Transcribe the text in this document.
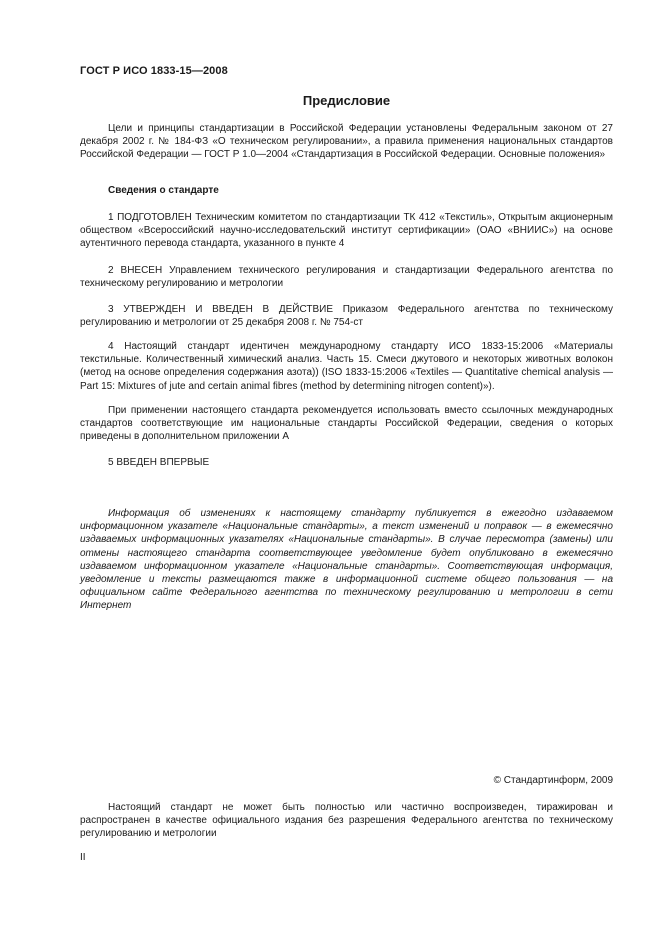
ГОСТ Р ИСО 1833-15—2008
Предисловие
Цели и принципы стандартизации в Российской Федерации установлены Федеральным законом от 27 декабря 2002 г. № 184-ФЗ «О техническом регулировании», а правила применения национальных стандартов Российской Федерации — ГОСТ Р 1.0—2004 «Стандартизация в Российской Федерации. Основные положения»
Сведения о стандарте
1 ПОДГОТОВЛЕН Техническим комитетом по стандартизации ТК 412 «Текстиль», Открытым акционерным обществом «Всероссийский научно-исследовательский институт сертификации» (ОАО «ВНИИС») на основе аутентичного перевода стандарта, указанного в пункте 4
2 ВНЕСЕН Управлением технического регулирования и стандартизации Федерального агентства по техническому регулированию и метрологии
3 УТВЕРЖДЕН И ВВЕДЕН В ДЕЙСТВИЕ Приказом Федерального агентства по техническому регулированию и метрологии от 25 декабря 2008 г. № 754-ст
4 Настоящий стандарт идентичен международному стандарту ИСО 1833-15:2006 «Материалы текстильные. Количественный химический анализ. Часть 15. Смеси джутового и некоторых животных волокон (метод на основе определения содержания азота)) (ISO 1833-15:2006 «Textiles — Quantitative chemical analysis — Part 15: Mixtures of jute and certain animal fibres (method by determining nitrogen content)»).
При применении настоящего стандарта рекомендуется использовать вместо ссылочных международных стандартов соответствующие им национальные стандарты Российской Федерации, сведения о которых приведены в дополнительном приложении А
5 ВВЕДЕН ВПЕРВЫЕ
Информация об изменениях к настоящему стандарту публикуется в ежегодно издаваемом информационном указателе «Национальные стандарты», а текст изменений и поправок — в ежемесячно издаваемых информационных указателях «Национальные стандарты». В случае пересмотра (замены) или отмены настоящего стандарта соответствующее уведомление будет опубликовано в ежемесячно издаваемом информационном указателе «Национальные стандарты». Соответствующая информация, уведомление и тексты размещаются также в информационной системе общего пользования — на официальном сайте Федерального агентства по техническому регулированию и метрологии в сети Интернет
© Стандартинформ, 2009
Настоящий стандарт не может быть полностью или частично воспроизведен, тиражирован и распространен в качестве официального издания без разрешения Федерального агентства по техническому регулированию и метрологии
II
